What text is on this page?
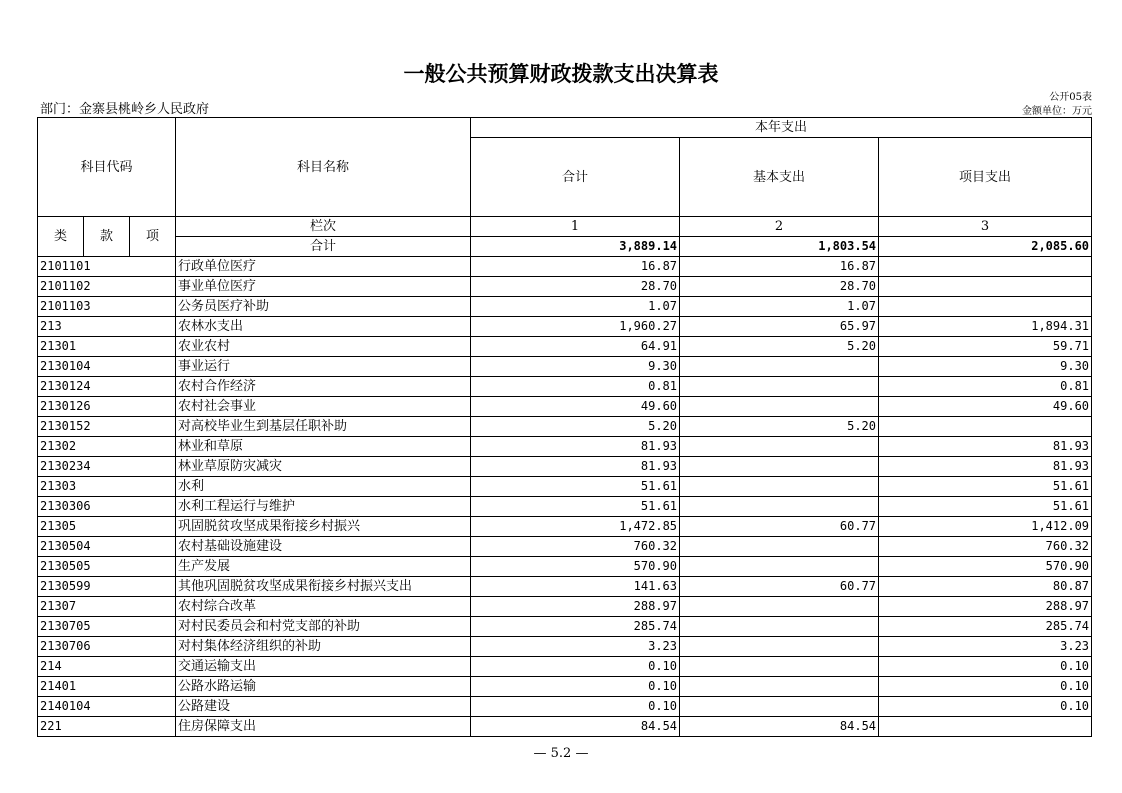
一般公共预算财政拨款支出决算表
公开05表
部门：金寨县桃岭乡人民政府	金额单位：万元
科目代码			科目名称	本年支出		
				合计	基本支出	项目支出

类	款	项	栏次	1	2	3
			合计	3,889.14	1,803.54	2,085.60
2101101			行政单位医疗	16.87	16.87	
2101102			事业单位医疗	28.70	28.70	
2101103			公务员医疗补助	1.07	1.07	
213			农林水支出	1,960.27	65.97	1,894.31
21301			农业农村	64.91	5.20	59.71
2130104			事业运行	9.30		9.30
2130124			农村合作经济	0.81		0.81
2130126			农村社会事业	49.60		49.60
2130152			对高校毕业生到基层任职补助	5.20	5.20	
21302			林业和草原	81.93		81.93
2130234			林业草原防灾减灾	81.93		81.93
21303			水利	51.61		51.61
2130306			水利工程运行与维护	51.61		51.61
21305			巩固脱贫攻坚成果衔接乡村振兴	1,472.85	60.77	1,412.09
2130504			农村基础设施建设	760.32		760.32
2130505			生产发展	570.90		570.90
2130599			其他巩固脱贫攻坚成果衔接乡村振兴支出	141.63	60.77	80.87
21307			农村综合改革	288.97		288.97
2130705			对村民委员会和村党支部的补助	285.74		285.74
2130706			对村集体经济组织的补助	3.23		3.23
214			交通运输支出	0.10		0.10
21401			公路水路运输	0.10		0.10
2140104			公路建设	0.10		0.10
221			住房保障支出	84.54	84.54	
— 5.2 —
